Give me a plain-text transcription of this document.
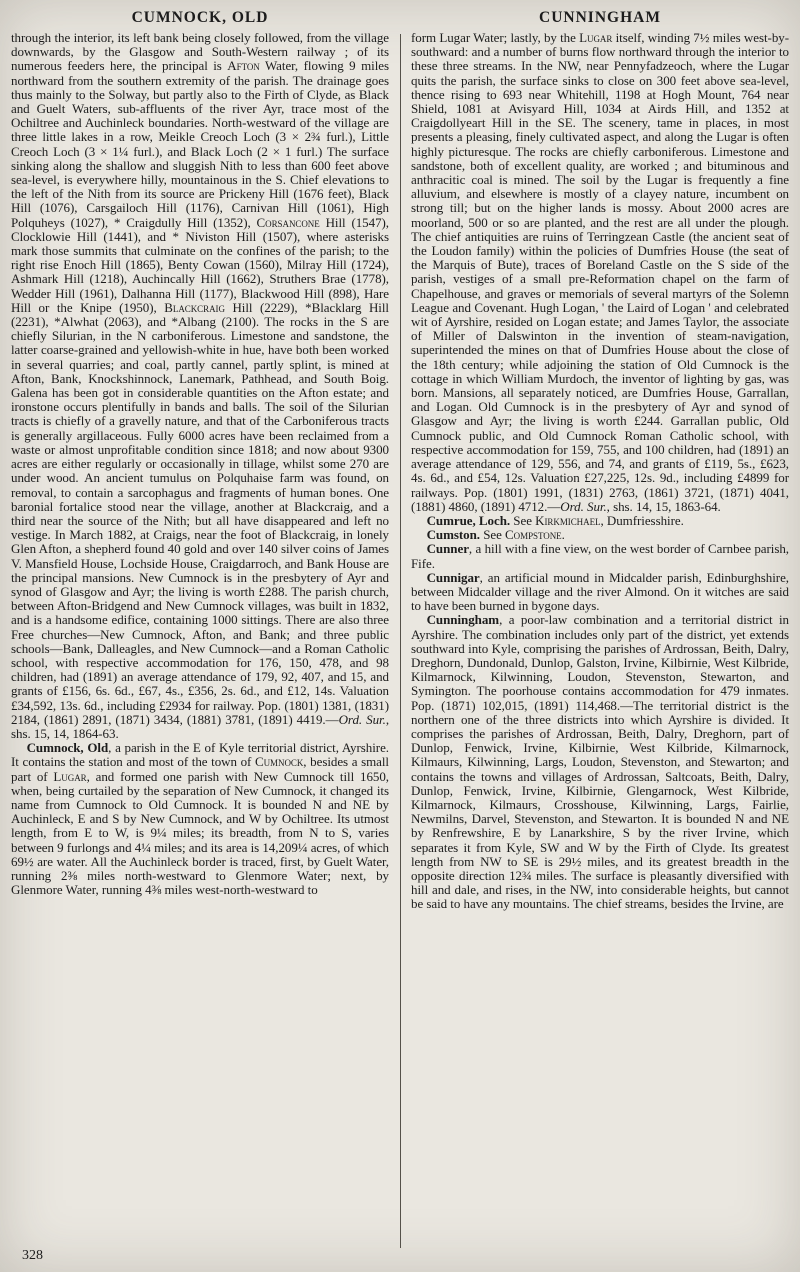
CUMNOCK, OLD	CUNNINGHAM

through the interior, its left bank being closely followed, from the village downwards, by the Glasgow and South-Western railway ; of its numerous feeders here, the principal is Afton Water, flowing 9 miles northward from the southern extremity of the parish. The drainage goes thus mainly to the Solway, but partly also to the Firth of Clyde, as Black and Guelt Waters, sub-affluents of the river Ayr, trace most of the Ochiltree and Auchinleck boundaries. North-westward of the village are three little lakes in a row, Meikle Creoch Loch (3 × 2¾ furl.), Little Creoch Loch (3 × 1¼ furl.), and Black Loch (2 × 1 furl.) The surface sinking along the shallow and sluggish Nith to less than 600 feet above sea-level, is everywhere hilly, mountainous in the S. Chief elevations to the left of the Nith from its source are Prickeny Hill (1676 feet), Black Hill (1076), Carsgailoch Hill (1176), Carnivan Hill (1061), High Polquheys (1027), * Craigdully Hill (1352), Corsancone Hill (1547), Clocklowie Hill (1441), and * Niviston Hill (1507), where asterisks mark those summits that culminate on the confines of the parish; to the right rise Enoch Hill (1865), Benty Cowan (1560), Milray Hill (1724), Ashmark Hill (1218), Auchincally Hill (1662), Struthers Brae (1778), Wedder Hill (1961), Dalhanna Hill (1177), Blackwood Hill (898), Hare Hill or the Knipe (1950), Blackcraig Hill (2229), *Blacklarg Hill (2231), *Alwhat (2063), and *Albang (2100). The rocks in the S are chiefly Silurian, in the N carboniferous. Limestone and sandstone, the latter coarse-grained and yellowish-white in hue, have both been worked in several quarries; and coal, partly cannel, partly splint, is mined at Afton, Bank, Knockshinnock, Lanemark, Pathhead, and South Boig. Galena has been got in considerable quantities on the Afton estate; and ironstone occurs plentifully in bands and balls. The soil of the Silurian tracts is chiefly of a gravelly nature, and that of the Carboniferous tracts is generally argillaceous. Fully 6000 acres have been reclaimed from a waste or almost unprofitable condition since 1818; and now about 9300 acres are either regularly or occasionally in tillage, whilst some 270 are under wood. An ancient tumulus on Polquhaise farm was found, on removal, to contain a sarcophagus and fragments of human bones. One baronial fortalice stood near the village, another at Blackcraig, and a third near the source of the Nith; but all have disappeared and left no vestige. In March 1882, at Craigs, near the foot of Blackcraig, in lonely Glen Afton, a shepherd found 40 gold and over 140 silver coins of James V. Mansfield House, Lochside House, Craigdarroch, and Bank House are the principal mansions. New Cumnock is in the presbytery of Ayr and synod of Glasgow and Ayr; the living is worth £288. The parish church, between Afton-Bridgend and New Cumnock villages, was built in 1832, and is a handsome edifice, containing 1000 sittings. There are also three Free churches—New Cumnock, Afton, and Bank; and three public schools—Bank, Dalleagles, and New Cumnock—and a Roman Catholic school, with respective accommodation for 176, 150, 478, and 98 children, had (1891) an average attendance of 179, 92, 407, and 15, and grants of £156, 6s. 6d., £67, 4s., £356, 2s. 6d., and £12, 14s. Valuation £34,592, 13s. 6d., including £2934 for railway. Pop. (1801) 1381, (1831) 2184, (1861) 2891, (1871) 3434, (1881) 3781, (1891) 4419.—Ord. Sur., shs. 15, 14, 1864-63.

Cumnock, Old, a parish in the E of Kyle territorial district, Ayrshire. It contains the station and most of the town of Cumnock, besides a small part of Lugar, and formed one parish with New Cumnock till 1650, when, being curtailed by the separation of New Cumnock, it changed its name from Cumnock to Old Cumnock. It is bounded N and NE by Auchinleck, E and S by New Cumnock, and W by Ochiltree. Its utmost length, from E to W, is 9¼ miles; its breadth, from N to S, varies between 9 furlongs and 4¼ miles; and its area is 14,209¼ acres, of which 69½ are water. All the Auchinleck border is traced, first, by Guelt Water, running 2⅜ miles north-westward to Glenmore Water; next, by Glenmore Water, running 4⅜ miles west-north-westward to

form Lugar Water; lastly, by the Lugar itself, winding 7½ miles west-by-southward: and a number of burns flow northward through the interior to these three streams. In the NW, near Pennyfadzeoch, where the Lugar quits the parish, the surface sinks to close on 300 feet above sea-level, thence rising to 693 near Whitehill, 1198 at Hogh Mount, 764 near Shield, 1081 at Avisyard Hill, 1034 at Airds Hill, and 1352 at Craigdollyeart Hill in the SE. The scenery, tame in places, in most presents a pleasing, finely cultivated aspect, and along the Lugar is often highly picturesque. The rocks are chiefly carboniferous. Limestone and sandstone, both of excellent quality, are worked ; and bituminous and anthracitic coal is mined. The soil by the Lugar is frequently a fine alluvium, and elsewhere is mostly of a clayey nature, incumbent on strong till; but on the higher lands is mossy. About 2000 acres are moorland, 500 or so are planted, and the rest are all under the plough. The chief antiquities are ruins of Terringzean Castle (the ancient seat of the Loudon family) within the policies of Dumfries House (the seat of the Marquis of Bute), traces of Boreland Castle on the S side of the parish, vestiges of a small pre-Reformation chapel on the farm of Chapelhouse, and graves or memorials of several martyrs of the Solemn League and Covenant. Hugh Logan, ' the Laird of Logan ' and celebrated wit of Ayrshire, resided on Logan estate; and James Taylor, the associate of Miller of Dalswinton in the invention of steam-navigation, superintended the mines on that of Dumfries House about the close of the 18th century; while adjoining the station of Old Cumnock is the cottage in which William Murdoch, the inventor of lighting by gas, was born. Mansions, all separately noticed, are Dumfries House, Garrallan, and Logan. Old Cumnock is in the presbytery of Ayr and synod of Glasgow and Ayr; the living is worth £244. Garrallan public, Old Cumnock public, and Old Cumnock Roman Catholic school, with respective accommodation for 159, 755, and 100 children, had (1891) an average attendance of 129, 556, and 74, and grants of £119, 5s., £623, 4s. 6d., and £54, 12s. Valuation £27,225, 12s. 9d., including £4899 for railways. Pop. (1801) 1991, (1831) 2763, (1861) 3721, (1871) 4041, (1881) 4860, (1891) 4712.—Ord. Sur., shs. 14, 15, 1863-64.

Cumrue, Loch. See Kirkmichael, Dumfriesshire.

Cumston. See Compstone.

Cunner, a hill with a fine view, on the west border of Carnbee parish, Fife.

Cunnigar, an artificial mound in Midcalder parish, Edinburghshire, between Midcalder village and the river Almond. On it witches are said to have been burned in bygone days.

Cunningham, a poor-law combination and a territorial district in Ayrshire. The combination includes only part of the district, yet extends southward into Kyle, comprising the parishes of Ardrossan, Beith, Dalry, Dreghorn, Dundonald, Dunlop, Galston, Irvine, Kilbirnie, West Kilbride, Kilmarnock, Kilwinning, Loudon, Stevenston, Stewarton, and Symington. The poorhouse contains accommodation for 479 inmates. Pop. (1871) 102,015, (1891) 114,468.—The territorial district is the northern one of the three districts into which Ayrshire is divided. It comprises the parishes of Ardrossan, Beith, Dalry, Dreghorn, part of Dunlop, Fenwick, Irvine, Kilbirnie, West Kilbride, Kilmarnock, Kilmaurs, Kilwinning, Largs, Loudon, Stevenston, and Stewarton; and contains the towns and villages of Ardrossan, Saltcoats, Beith, Dalry, Dunlop, Fenwick, Irvine, Kilbirnie, Glengarnock, West Kilbride, Kilmarnock, Kilmaurs, Crosshouse, Kilwinning, Largs, Fairlie, Newmilns, Darvel, Stevenston, and Stewarton. It is bounded N and NE by Renfrewshire, E by Lanarkshire, S by the river Irvine, which separates it from Kyle, SW and W by the Firth of Clyde. Its greatest length from NW to SE is 29½ miles, and its greatest breadth in the opposite direction 12¾ miles. The surface is pleasantly diversified with hill and dale, and rises, in the NW, into considerable heights, but cannot be said to have any mountains. The chief streams, besides the Irvine, are

328
